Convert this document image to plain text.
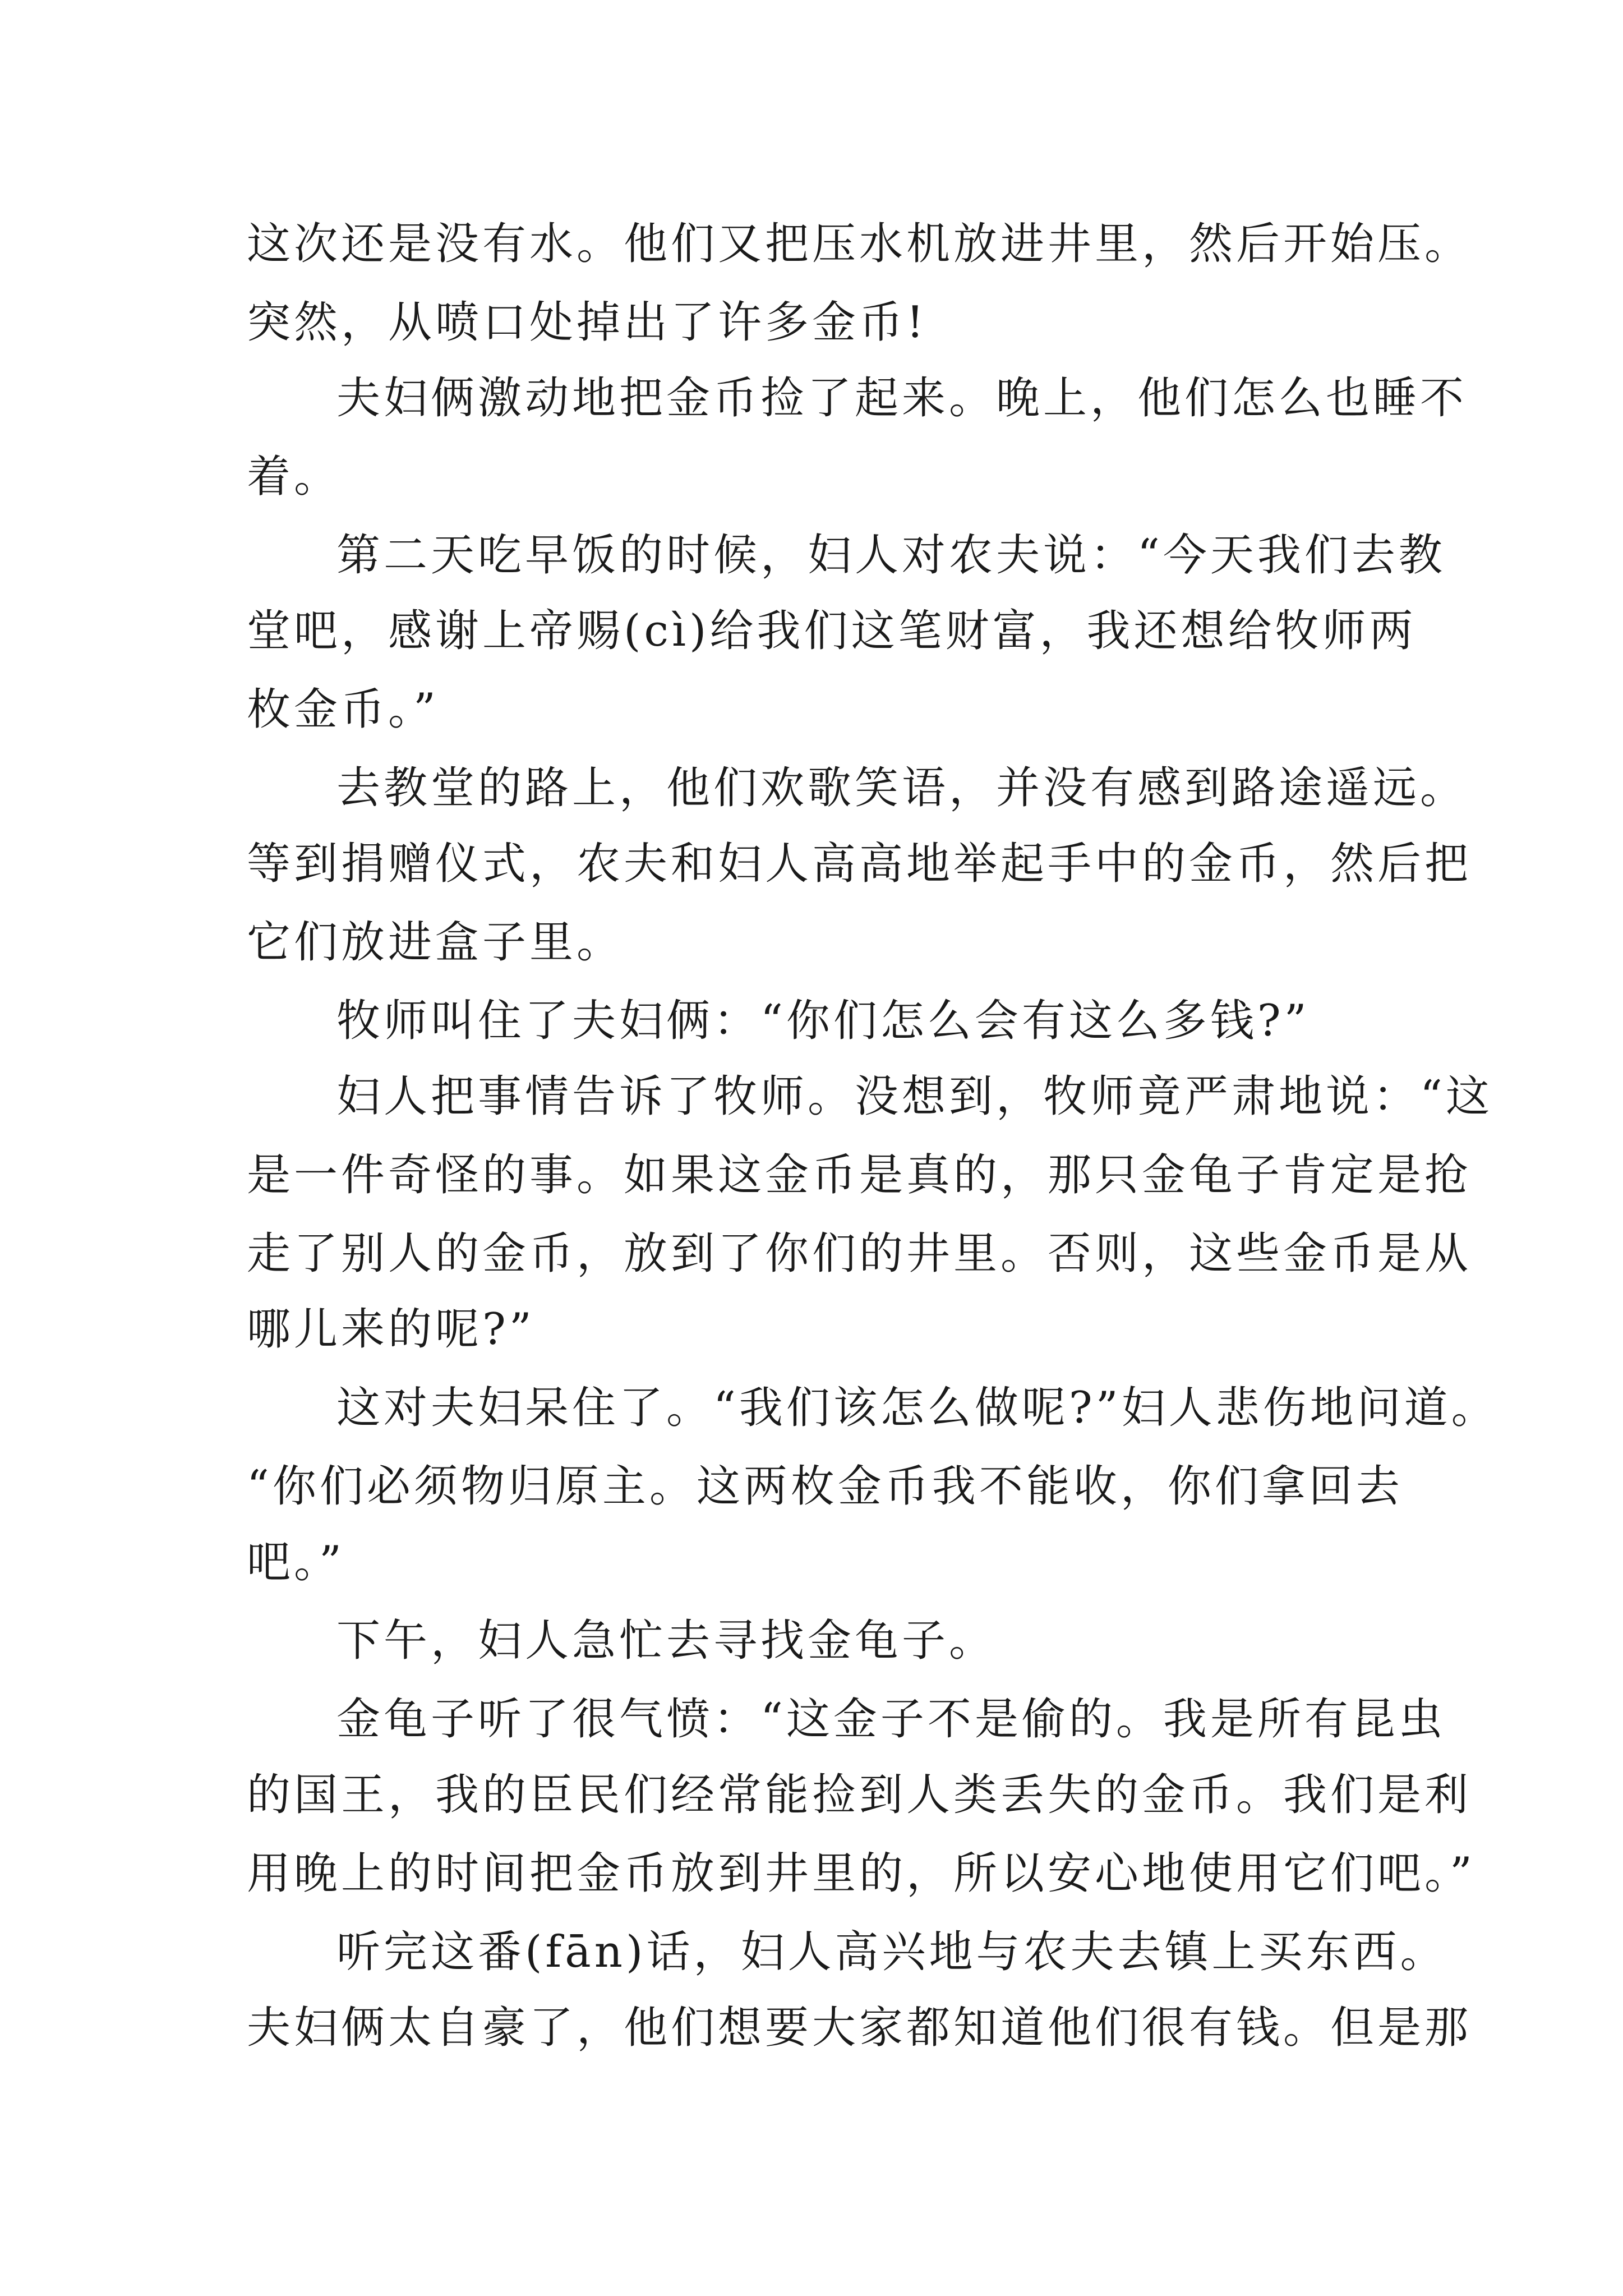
这次还是没有水。他们又把压水机放进井里，然后开始压。
突然，从喷口处掉出了许多金币!
夫妇俩激动地把金币捡了起来。晚上，他们怎么也睡不
着。
第二天吃早饭的时候，妇人对农夫说：“今天我们去教
堂吧，感谢上帝赐(cì)给我们这笔财富，我还想给牧师两
枚金币。”
去教堂的路上，他们欢歌笑语，并没有感到路途遥远。
等到捐赠仪式，农夫和妇人高高地举起手中的金币，然后把
它们放进盒子里。
牧师叫住了夫妇俩：“你们怎么会有这么多钱?”
妇人把事情告诉了牧师。没想到，牧师竟严肃地说：“这
是一件奇怪的事。如果这金币是真的，那只金龟子肯定是抢
走了别人的金币，放到了你们的井里。否则，这些金币是从
哪儿来的呢?”
这对夫妇呆住了。“我们该怎么做呢?”妇人悲伤地问道。
“你们必须物归原主。这两枚金币我不能收，你们拿回去
吧。”
下午，妇人急忙去寻找金龟子。
金龟子听了很气愤：“这金子不是偷的。我是所有昆虫
的国王，我的臣民们经常能捡到人类丢失的金币。我们是利
用晚上的时间把金币放到井里的，所以安心地使用它们吧。”
听完这番(fān)话，妇人高兴地与农夫去镇上买东西。
夫妇俩太自豪了，他们想要大家都知道他们很有钱。但是那
